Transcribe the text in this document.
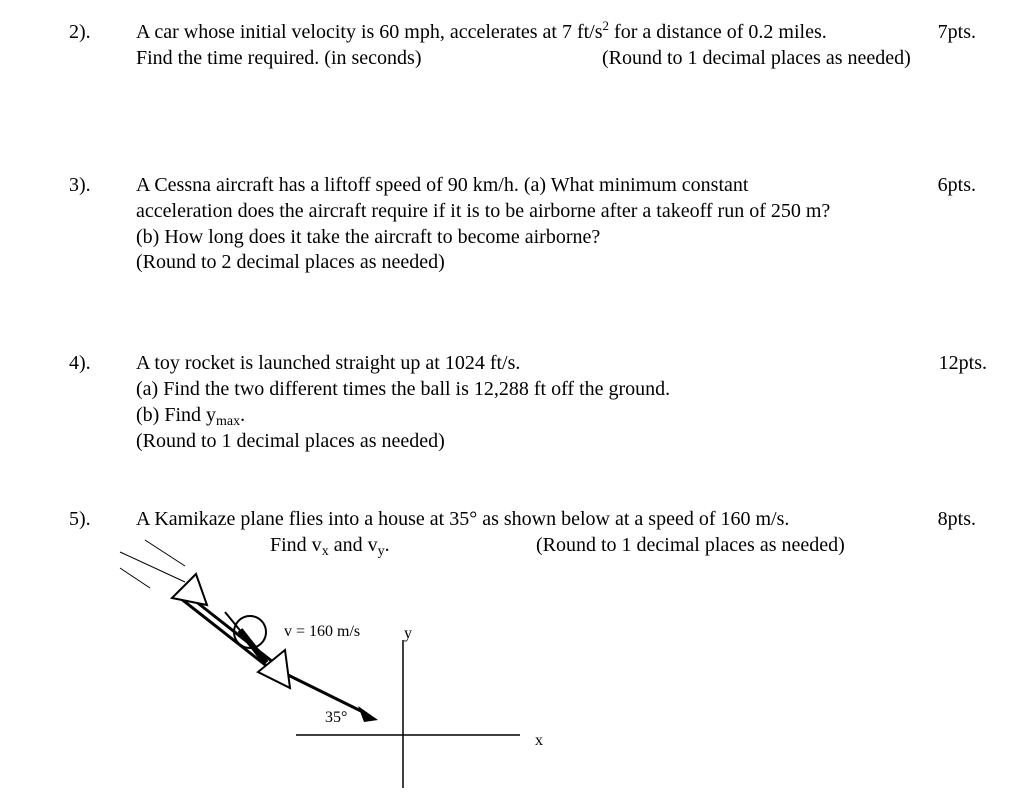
2). A car whose initial velocity is 60 mph, accelerates at 7 $ft/s^2$ for a distance of 0.2 miles.	7pts.
Find the time required. (in seconds)	(Round to 1 decimal places as needed)
3). A Cessna aircraft has a liftoff speed of 90 km/h. (a) What minimum constant	6pts.
acceleration does the aircraft require if it is to be airborne after a takeoff run of 250 m?
(b) How long does it take the aircraft to become airborne?
(Round to 2 decimal places as needed)
4). A toy rocket is launched straight up at 1024 ft/s.	12pts.
(a) Find the two different times the ball is 12,288 ft off the ground.
(b) Find $y_{max}$.
(Round to 1 decimal places as needed)
5). A Kamikaze plane flies into a house at 35° as shown below at a speed of 160 m/s.	8pts.
Find $v_x$ and $v_y$.	(Round to 1 decimal places as needed)
v = 160 m/s	y
35°
x
